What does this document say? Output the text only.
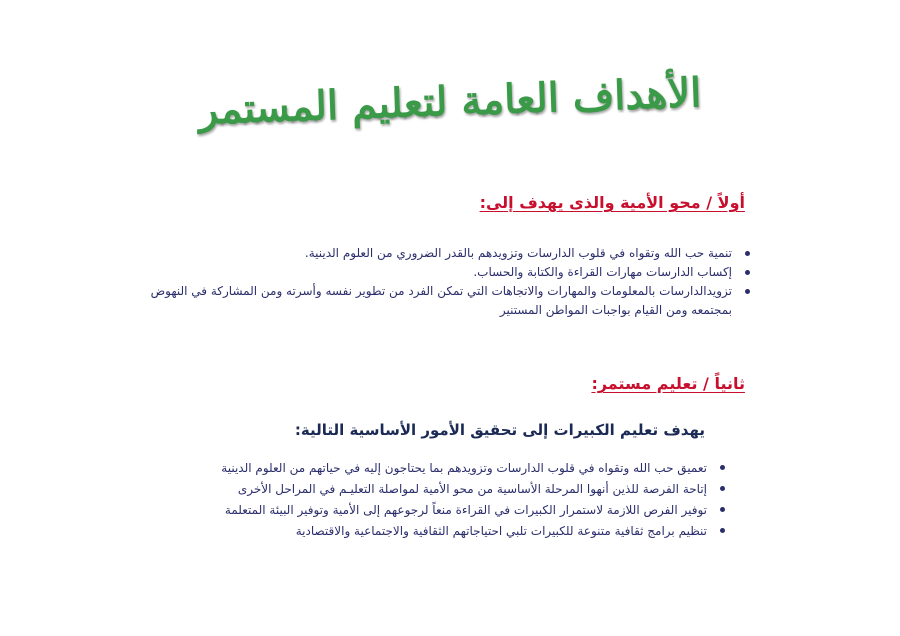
الأهداف العامة لتعليم المستمر
أولاً / محو الأمية والذى يهدف إلى:
تنمية حب الله وتقواه في قلوب الدارسات وتزويدهم بالقدر الضروري من العلوم الدينية.
إكساب الدارسات مهارات القراءة والكتابة والحساب.
تزويدالدارسات بالمعلومات والمهارات والاتجاهات التي تمكن الفرد من تطوير نفسه وأسرته ومن المشاركة في النهوض بمجتمعه ومن القيام بواجبات المواطن المستنير
ثانياً / تعليم مستمر:
يهدف تعليم الكبيرات إلى تحقيق الأمور الأساسية التالية:
تعميق حب الله وتقواه في قلوب الدارسات وتزويدهم بما يحتاجون إليه في حياتهم من العلوم الدينية
إتاحة الفرصة للذين أنهوا المرحلة الأساسية من محو الأمية لمواصلة التعليـم في المراحل الأخرى
توفير الفرص اللازمة لاستمرار الكبيرات في القراءة منعاً لرجوعهم إلى الأمية وتوفير البيئة المتعلمة
تنظيم برامج ثقافية متنوعة للكبيرات تلبي احتياجاتهم الثقافية والاجتماعية والاقتصادية
